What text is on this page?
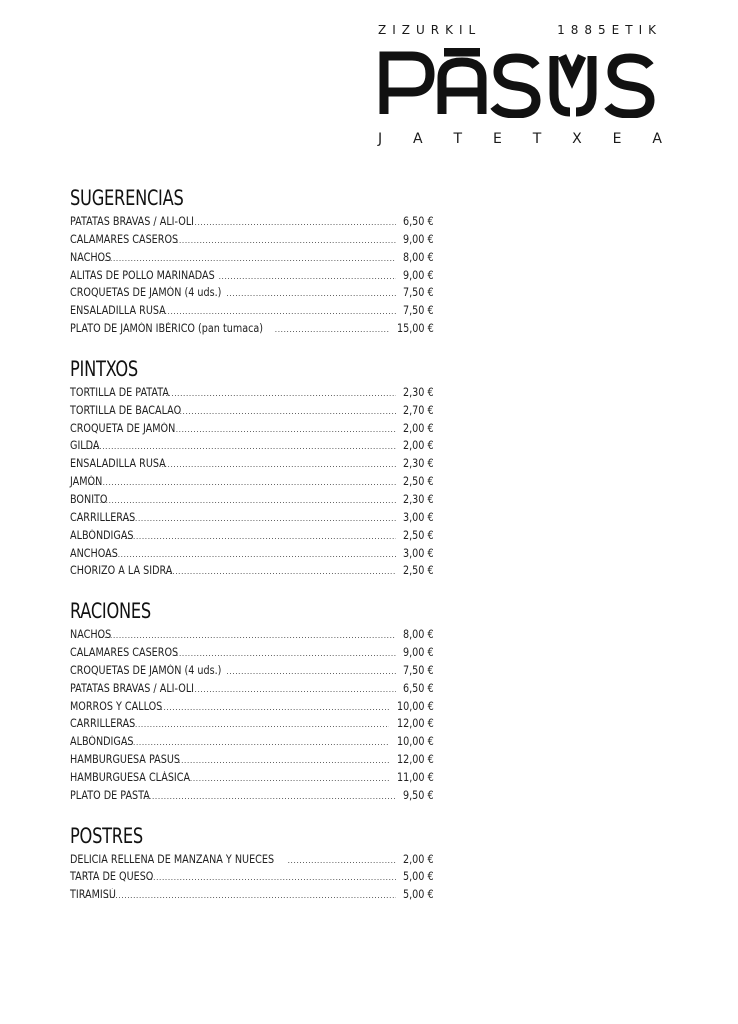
ZIZURKIL	1885ETIK
J A T E T X E A
SUGERENCIAS
PATATAS BRAVAS / ALI-OLI .....	6,50 €
CALAMARES CASEROS .....	9,00 €
NACHOS .....	8,00 €
ALITAS DE POLLO MARINADAS .....	9,00 €
CROQUETAS DE JAMÓN (4 uds.) .....	7,50 €
ENSALADILLA RUSA .....	7,50 €
PLATO DE JAMÓN IBÉRICO (pan tumaca) .....	15,00 €
PINTXOS
TORTILLA DE PATATA .....	2,30 €
TORTILLA DE BACALAO .....	2,70 €
CROQUETA DE JAMÓN .....	2,00 €
GILDA .....	2,00 €
ENSALADILLA RUSA .....	2,30 €
JAMÓN .....	2,50 €
BONITO .....	2,30 €
CARRILLERAS .....	3,00 €
ALBÓNDIGAS .....	2,50 €
ANCHOAS .....	3,00 €
CHORIZO A LA SIDRA .....	2,50 €
RACIONES
NACHOS .....	8,00 €
CALAMARES CASEROS .....	9,00 €
CROQUETAS DE JAMÓN (4 uds.) .....	7,50 €
PATATAS BRAVAS / ALI-OLI .....	6,50 €
MORROS Y CALLOS .....	10,00 €
CARRILLERAS .....	12,00 €
ALBÓNDIGAS .....	10,00 €
HAMBURGUESA PASUS .....	12,00 €
HAMBURGUESA CLÁSICA .....	11,00 €
PLATO DE PASTA .....	9,50 €
POSTRES
DELICIA RELLENA DE MANZANA Y NUECES .....	2,00 €
TARTA DE QUESO .....	5,00 €
TIRAMISÚ .....	5,00 €
